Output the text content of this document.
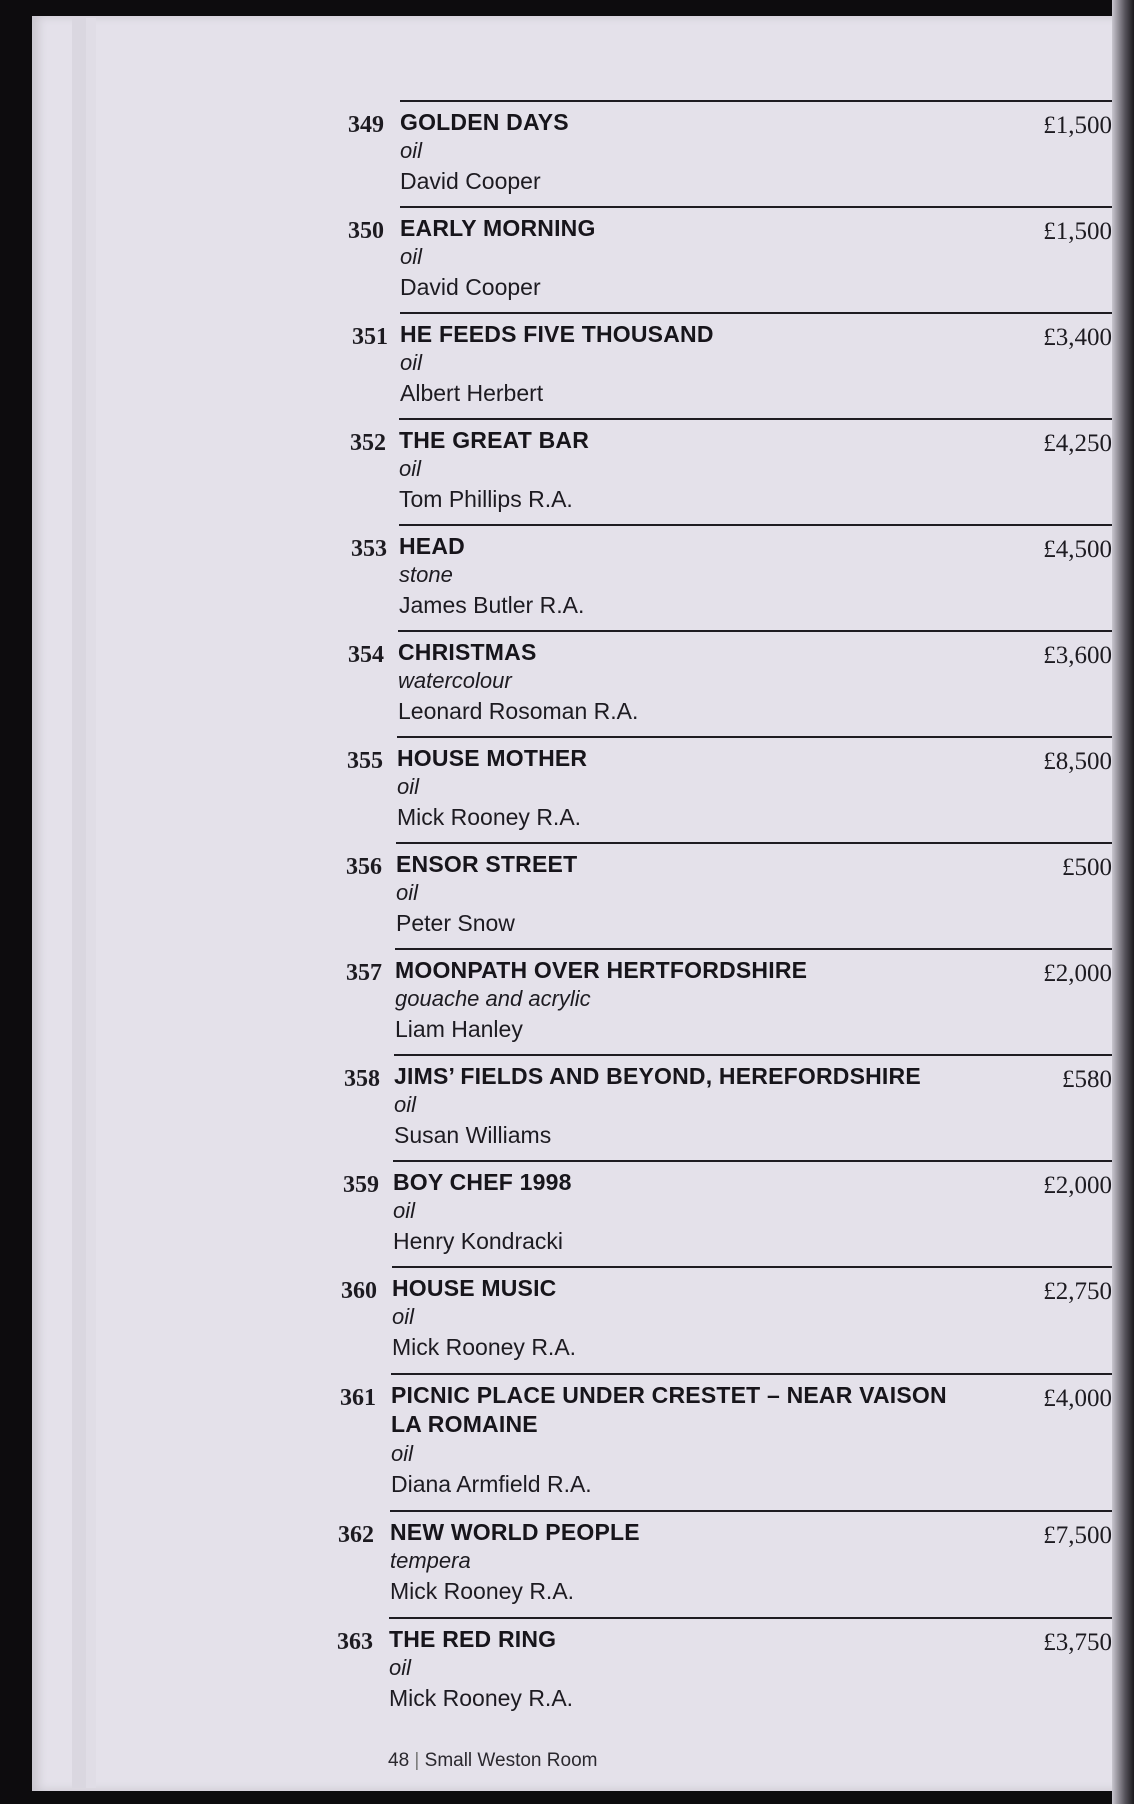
349 GOLDEN DAYS
oil
David Cooper
£1,500
350 EARLY MORNING
oil
David Cooper
£1,500
351 HE FEEDS FIVE THOUSAND
oil
Albert Herbert
£3,400
352 THE GREAT BAR
oil
Tom Phillips R.A.
£4,250
353 HEAD
stone
James Butler R.A.
£4,500
354 CHRISTMAS
watercolour
Leonard Rosoman R.A.
£3,600
355 HOUSE MOTHER
oil
Mick Rooney R.A.
£8,500
356 ENSOR STREET
oil
Peter Snow
£500
357 MOONPATH OVER HERTFORDSHIRE
gouache and acrylic
Liam Hanley
£2,000
358 JIMS’ FIELDS AND BEYOND, HEREFORDSHIRE
oil
Susan Williams
£580
359 BOY CHEF 1998
oil
Henry Kondracki
£2,000
360 HOUSE MUSIC
oil
Mick Rooney R.A.
£2,750
361 PICNIC PLACE UNDER CRESTET – NEAR VAISON
LA ROMAINE
oil
Diana Armfield R.A.
£4,000
362 NEW WORLD PEOPLE
tempera
Mick Rooney R.A.
£7,500
363 THE RED RING
oil
Mick Rooney R.A.
£3,750
48 | Small Weston Room
